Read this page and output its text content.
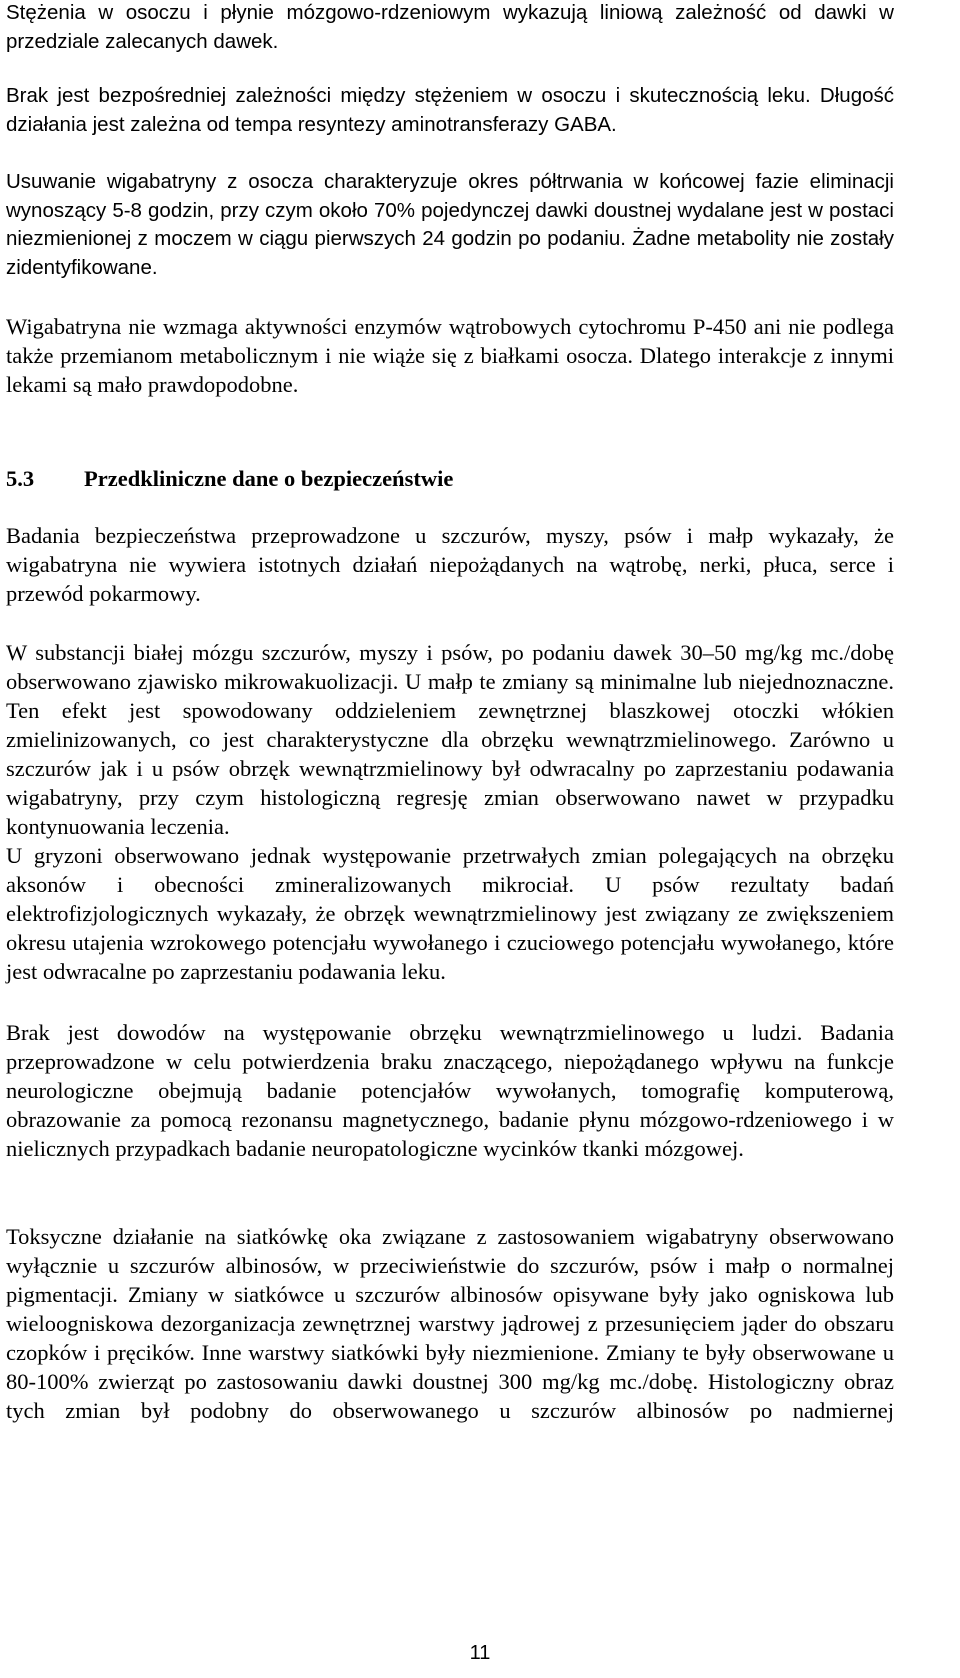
Stężenia w osoczu i płynie mózgowo-rdzeniowym wykazują liniową zależność od dawki w przedziale zalecanych dawek.

Brak jest bezpośredniej zależności między stężeniem w osoczu i skutecznością leku. Długość działania jest zależna od tempa resyntezy aminotransferazy GABA.

Usuwanie wigabatryny z osocza charakteryzuje okres półtrwania w końcowej fazie eliminacji wynoszący 5-8 godzin, przy czym około 70% pojedynczej dawki doustnej wydalane jest w postaci niezmienionej z moczem w ciągu pierwszych 24 godzin po podaniu. Żadne metabolity nie zostały zidentyfikowane.

Wigabatryna nie wzmaga aktywności enzymów wątrobowych cytochromu P-450 ani nie podlega także przemianom metabolicznym i nie wiąże się z białkami osocza. Dlatego interakcje z innymi lekami są mało prawdopodobne.

5.3	Przedkliniczne dane o bezpieczeństwie

Badania bezpieczeństwa przeprowadzone u szczurów, myszy, psów i małp wykazały, że wigabatryna nie wywiera istotnych działań niepożądanych na wątrobę, nerki, płuca, serce i przewód pokarmowy.

W substancji białej mózgu szczurów, myszy i psów, po podaniu dawek 30–50 mg/kg mc./dobę obserwowano zjawisko mikrowakuolizacji. U małp te zmiany są minimalne lub niejednoznaczne. Ten efekt jest spowodowany oddzieleniem zewnętrznej blaszkowej otoczki włókien zmielinizowanych, co jest charakterystyczne dla obrzęku wewnątrzmielinowego. Zarówno u szczurów jak i u psów obrzęk wewnątrzmielinowy był odwracalny po zaprzestaniu podawania wigabatryny, przy czym histologiczną regresję zmian obserwowano nawet w przypadku kontynuowania leczenia.

U gryzoni obserwowano jednak występowanie przetrwałych zmian polegających na obrzęku aksonów i obecności zmineralizowanych mikrociał. U psów rezultaty badań elektrofizjologicznych wykazały, że obrzęk wewnątrzmielinowy jest związany ze zwiększeniem okresu utajenia wzrokowego potencjału wywołanego i czuciowego potencjału wywołanego, które jest odwracalne po zaprzestaniu podawania leku.

Brak jest dowodów na występowanie obrzęku wewnątrzmielinowego u ludzi. Badania przeprowadzone w celu potwierdzenia braku znaczącego, niepożądanego wpływu na funkcje neurologiczne obejmują badanie potencjałów wywołanych, tomografię komputerową, obrazowanie za pomocą rezonansu magnetycznego, badanie płynu mózgowo-rdzeniowego i w nielicznych przypadkach badanie neuropatologiczne wycinków tkanki mózgowej.

Toksyczne działanie na siatkówkę oka związane z zastosowaniem wigabatryny obserwowano wyłącznie u szczurów albinosów, w przeciwieństwie do szczurów, psów i małp o normalnej pigmentacji. Zmiany w siatkówce u szczurów albinosów opisywane były jako ogniskowa lub wieloogniskowa dezorganizacja zewnętrznej warstwy jądrowej z przesunięciem jąder do obszaru czopków i pręcików. Inne warstwy siatkówki były niezmienione. Zmiany te były obserwowane u 80-100% zwierząt po zastosowaniu dawki doustnej 300 mg/kg mc./dobę. Histologiczny obraz tych zmian był podobny do obserwowanego u szczurów albinosów po nadmiernej

11
